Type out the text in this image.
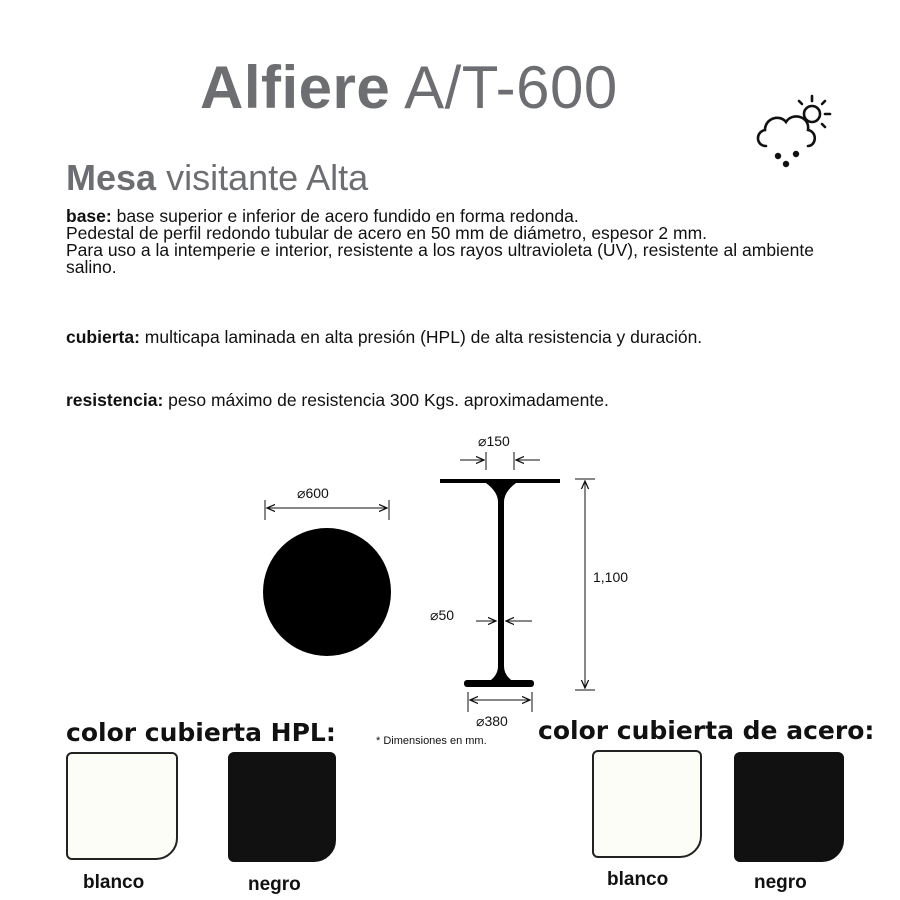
Alfiere A/T-600
Mesa visitante Alta
base: base superior e inferior de acero fundido en forma redonda.
Pedestal de perfil redondo tubular de acero en 50 mm de diámetro, espesor 2 mm.
Para uso a la intemperie e interior, resistente a los rayos ultravioleta (UV), resistente al ambiente salino.
cubierta: multicapa laminada en alta presión (HPL) de alta resistencia y duración.
resistencia: peso máximo de resistencia 300 Kgs. aproximadamente.
⌀600
⌀150
⌀50
⌀380
1,100
* Dimensiones en mm.
color cubierta HPL:	color cubierta de acero:
blanco	negro	blanco	negro
